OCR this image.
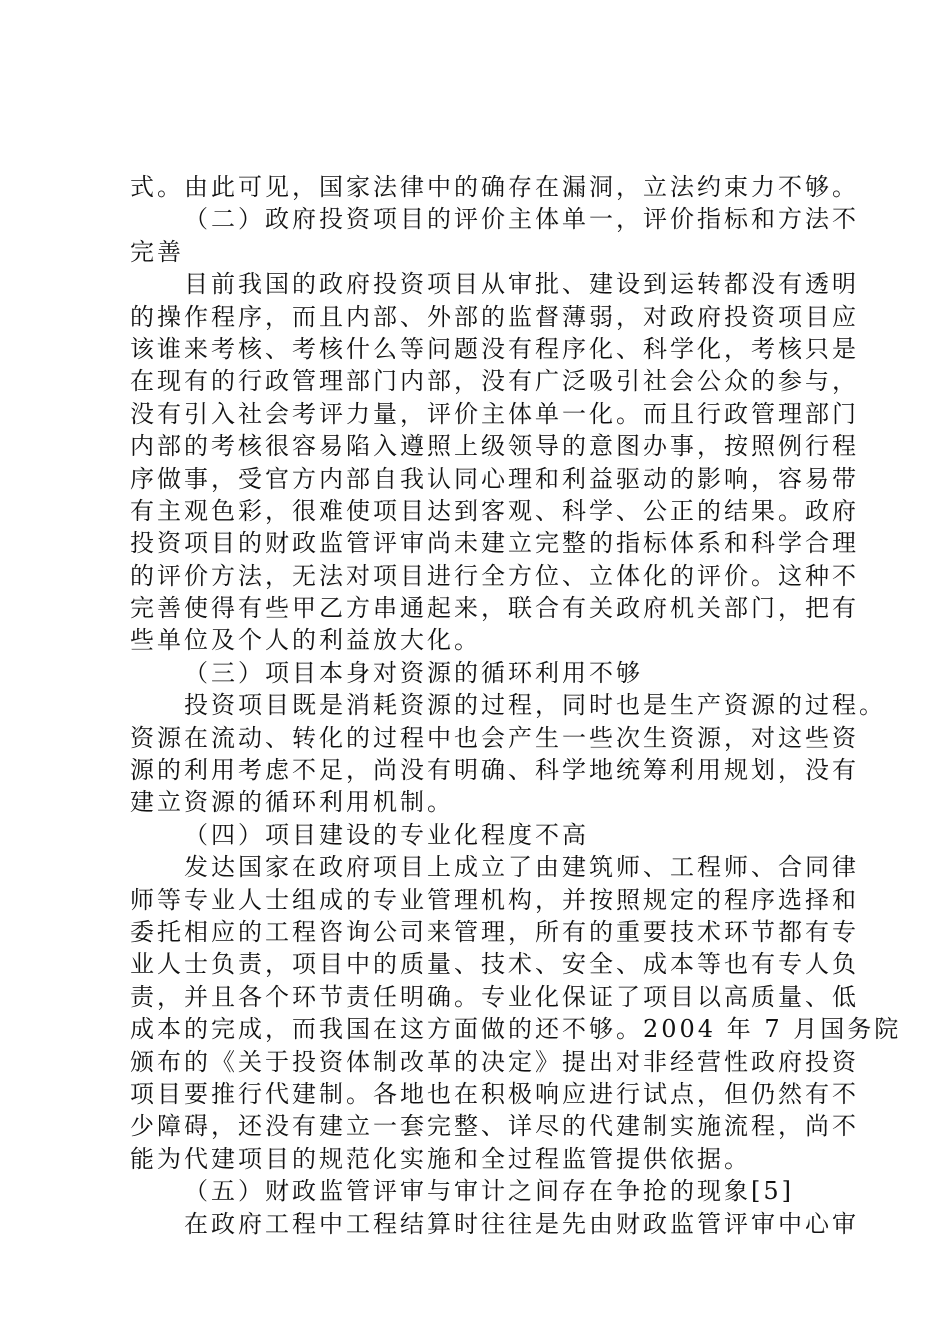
式。由此可见，国家法律中的确存在漏洞，立法约束力不够。
（二）政府投资项目的评价主体单一，评价指标和方法不
完善
目前我国的政府投资项目从审批、建设到运转都没有透明
的操作程序，而且内部、外部的监督薄弱，对政府投资项目应
该谁来考核、考核什么等问题没有程序化、科学化，考核只是
在现有的行政管理部门内部，没有广泛吸引社会公众的参与，
没有引入社会考评力量，评价主体单一化。而且行政管理部门
内部的考核很容易陷入遵照上级领导的意图办事，按照例行程
序做事，受官方内部自我认同心理和利益驱动的影响，容易带
有主观色彩，很难使项目达到客观、科学、公正的结果。政府
投资项目的财政监管评审尚未建立完整的指标体系和科学合理
的评价方法，无法对项目进行全方位、立体化的评价。这种不
完善使得有些甲乙方串通起来，联合有关政府机关部门，把有
些单位及个人的利益放大化。
（三）项目本身对资源的循环利用不够
投资项目既是消耗资源的过程，同时也是生产资源的过程。
资源在流动、转化的过程中也会产生一些次生资源，对这些资
源的利用考虑不足，尚没有明确、科学地统筹利用规划，没有
建立资源的循环利用机制。
（四）项目建设的专业化程度不高
发达国家在政府项目上成立了由建筑师、工程师、合同律
师等专业人士组成的专业管理机构，并按照规定的程序选择和
委托相应的工程咨询公司来管理，所有的重要技术环节都有专
业人士负责，项目中的质量、技术、安全、成本等也有专人负
责，并且各个环节责任明确。专业化保证了项目以高质量、低
成本的完成，而我国在这方面做的还不够。2004 年 7 月国务院
颁布的《关于投资体制改革的决定》提出对非经营性政府投资
项目要推行代建制。各地也在积极响应进行试点，但仍然有不
少障碍，还没有建立一套完整、详尽的代建制实施流程，尚不
能为代建项目的规范化实施和全过程监管提供依据。
（五）财政监管评审与审计之间存在争抢的现象[5]
在政府工程中工程结算时往往是先由财政监管评审中心审
